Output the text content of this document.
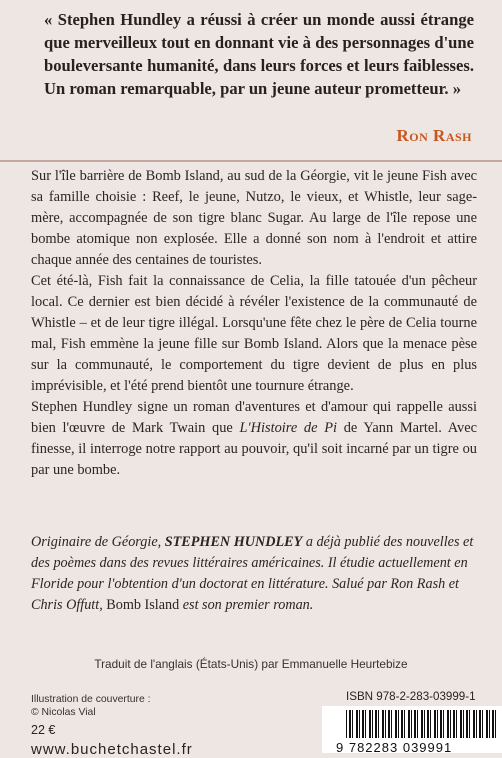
« Stephen Hundley a réussi à créer un monde aussi étrange que merveilleux tout en donnant vie à des personnages d'une bouleversante humanité, dans leurs forces et leurs faiblesses. Un roman remarquable, par un jeune auteur prometteur. »
Ron Rash

Sur l'île barrière de Bomb Island, au sud de la Géorgie, vit le jeune Fish avec sa famille choisie : Reef, le jeune, Nutzo, le vieux, et Whistle, leur sage-mère, accompagnée de son tigre blanc Sugar. Au large de l'île repose une bombe atomique non explosée. Elle a donné son nom à l'endroit et attire chaque année des centaines de touristes.

Cet été-là, Fish fait la connaissance de Celia, la fille tatouée d'un pêcheur local. Ce dernier est bien décidé à révéler l'existence de la communauté de Whistle – et de leur tigre illégal. Lorsqu'une fête chez le père de Celia tourne mal, Fish emmène la jeune fille sur Bomb Island. Alors que la menace pèse sur la communauté, le comportement du tigre devient de plus en plus imprévisible, et l'été prend bientôt une tournure étrange.

Stephen Hundley signe un roman d'aventures et d'amour qui rappelle aussi bien l'œuvre de Mark Twain que L'Histoire de Pi de Yann Martel. Avec finesse, il interroge notre rapport au pouvoir, qu'il soit incarné par un tigre ou par une bombe.

Originaire de Géorgie, STEPHEN HUNDLEY a déjà publié des nouvelles et des poèmes dans des revues littéraires américaines. Il étudie actuellement en Floride pour l'obtention d'un doctorat en littérature. Salué par Ron Rash et Chris Offutt, Bomb Island est son premier roman.
Traduit de l'anglais (États-Unis) par Emmanuelle Heurtebize
Illustration de couverture :
© Nicolas Vial
22 €
www.buchetchastel.fr
ISBN 978-2-283-03999-1
9 782283 039991
